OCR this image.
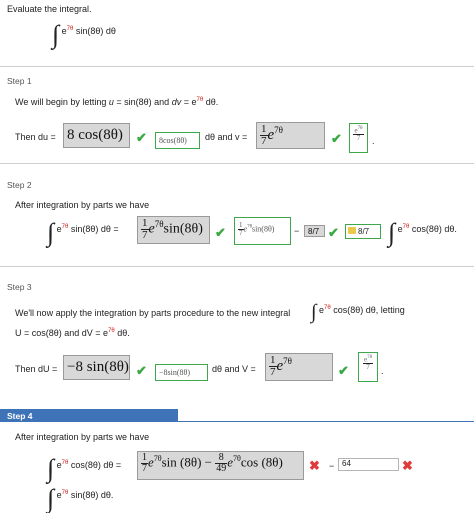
Evaluate the integral.
∫ $e^{7\theta}$ sin(8θ) dθ
Step 1
We will begin by letting u = sin(8θ) and dv = $e^{7\theta}$ dθ.
Then du = 8 cos(8θ)	✔	8cos(8θ)	dθ and $v = \frac{1}{7} e^{7\theta}$
✔ $\frac{e^{7\theta}}{7}$ .
Step 2
After integration by parts we have
∫ $e^{7\theta}$ sin(8θ) $d\theta = \frac{1}{7} e^{7\theta}\sin(8\theta)$ ✔ $\frac{1}{7} e^{7\theta}\sin(8\theta)$	−	8/7 ✔	8/7 ∫ $e^{7\theta}$ cos(8θ) dθ.
Step 3
We'll now apply the integration by parts procedure to the new integral ∫ $e^{7\theta}$ cos(8θ) dθ, letting
U = cos(8θ) and dV = $e^{7\theta}$ dθ.
Then dU = −8 sin(8θ) ✔	−8sin(8θ)	dθ and $V = \frac{1}{7} e^{7\theta}$
✔ $\frac{e^{7\theta}}{7}$ .
Step 4
After integration by parts we have
∫ $e^{7\theta}$ cos(8θ) $d\theta = \frac{1}{7} e^{7\theta}\sin$ $(8\theta) - \frac{8}{49} e^{7\theta}\cos$ (8θ)	✖ − 64	✖
∫ $e^{7\theta}$ sin(8θ) dθ.
